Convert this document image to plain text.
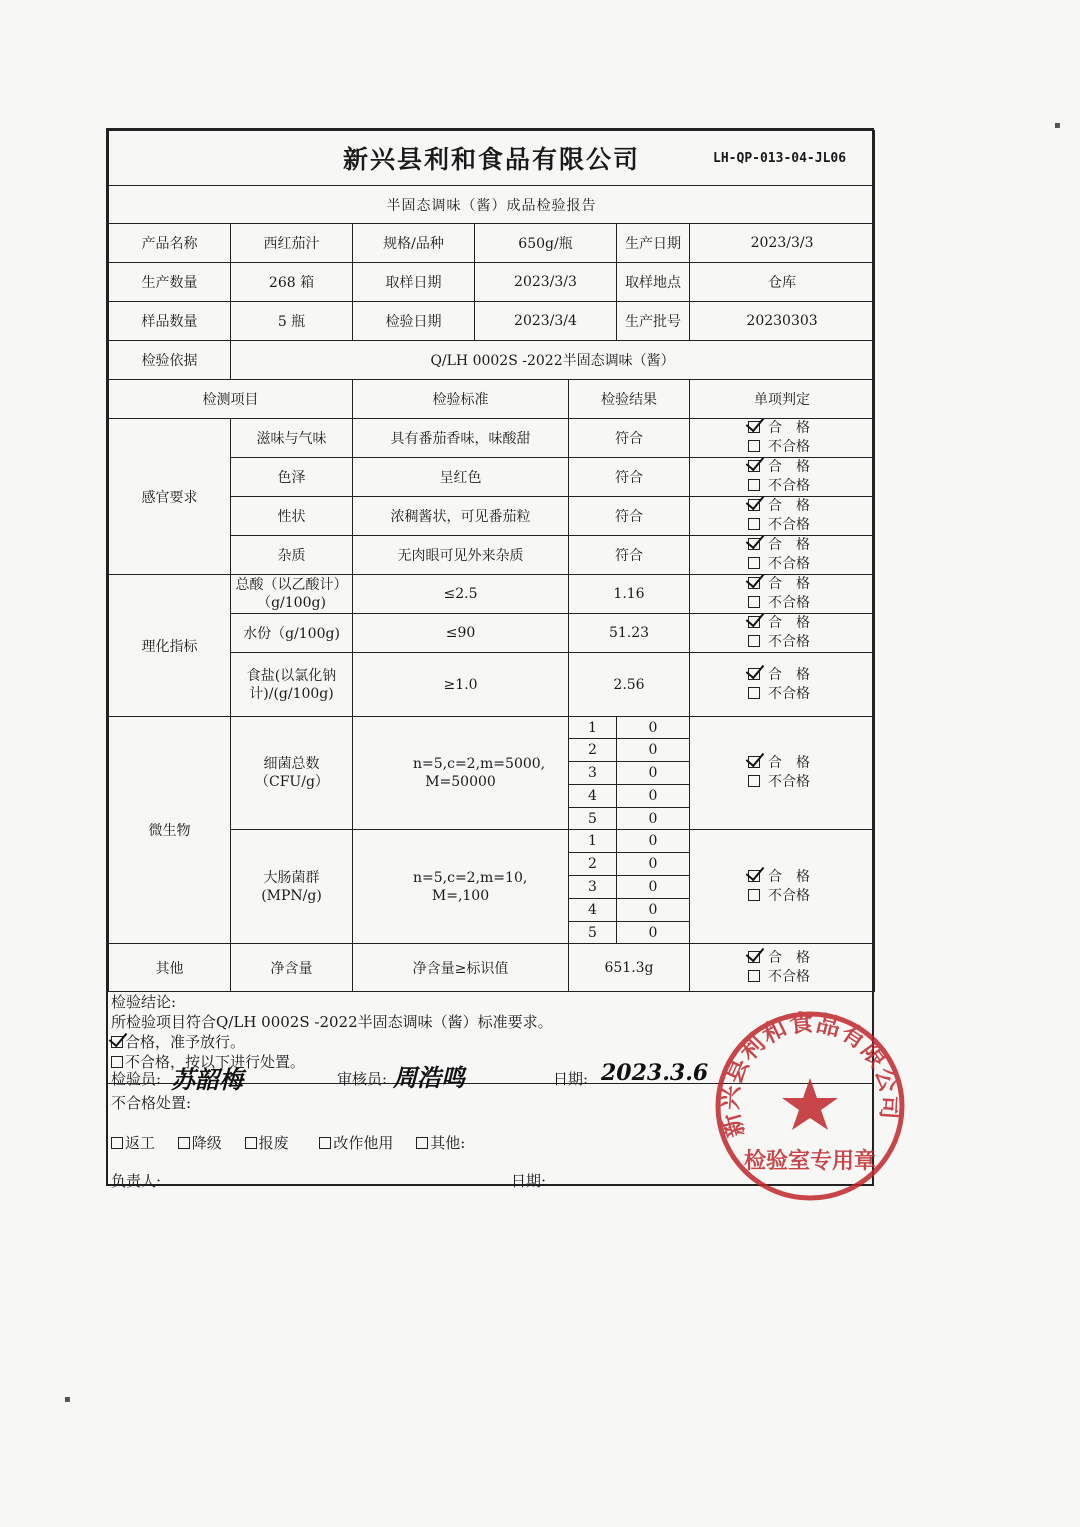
新兴县利和食品有限公司 LH-QP-013-04-JL06						

半固态调味（酱）成品检验报告						
产品名称	西红茄汁	规格/品种	650g/瓶		生产日期	2023/3/3
生产数量	268 箱	取样日期	2023/3/3		取样地点	仓库
样品数量	5 瓶	检验日期	2023/3/4		生产批号	20230303
检验依据	Q/LH 0002S -2022半固态调味（酱）					
检测项目		检验标准		检验结果		单项判定
感官要求	滋味与气味	具有番茄香味，味酸甜		符合		合　格
不合格

	色泽	呈红色		符合		合　格
不合格

	性状	浓稠酱状，可见番茄粒		符合		合　格
不合格

	杂质	无肉眼可见外来杂质		符合		合　格
不合格

理化指标	总酸（以乙酸计）（g/100g)	≤2.5		1.16		合　格
不合格

	水份（g/100g)	≤90		51.23		合　格
不合格

	食盐(以氯化钠计)/(g/100g)	≥1.0		2.56		合　格
不合格

微生物	细菌总数（CFU/g）	n=5,c=2,m=5000, M=50000		1	0	合　格
不合格

				2	0	
				3	0	
				4	0	
				5	0	
	大肠菌群 (MPN/g)	n=5,c=2,m=10, M=,100		1	0	合　格
不合格

				2	0	
				3	0	
				4	0	
				5	0	
其他	净含量	净含量≥标识值		651.3g		合　格
不合格
检验结论:
所检验项目符合Q/LH 0002S -2022半固态调味（酱）标准要求。
合格，准予放行。
不合格，按以下进行处置。
检验员: 苏韶梅	审核员: 周浩鸣	日期: 2023.3.6
不合格处置:
返工 降级 报废	改作他用 其他:
负责人:	日期:
新兴县利和食品有限公司
检验室专用章
▪
▪
